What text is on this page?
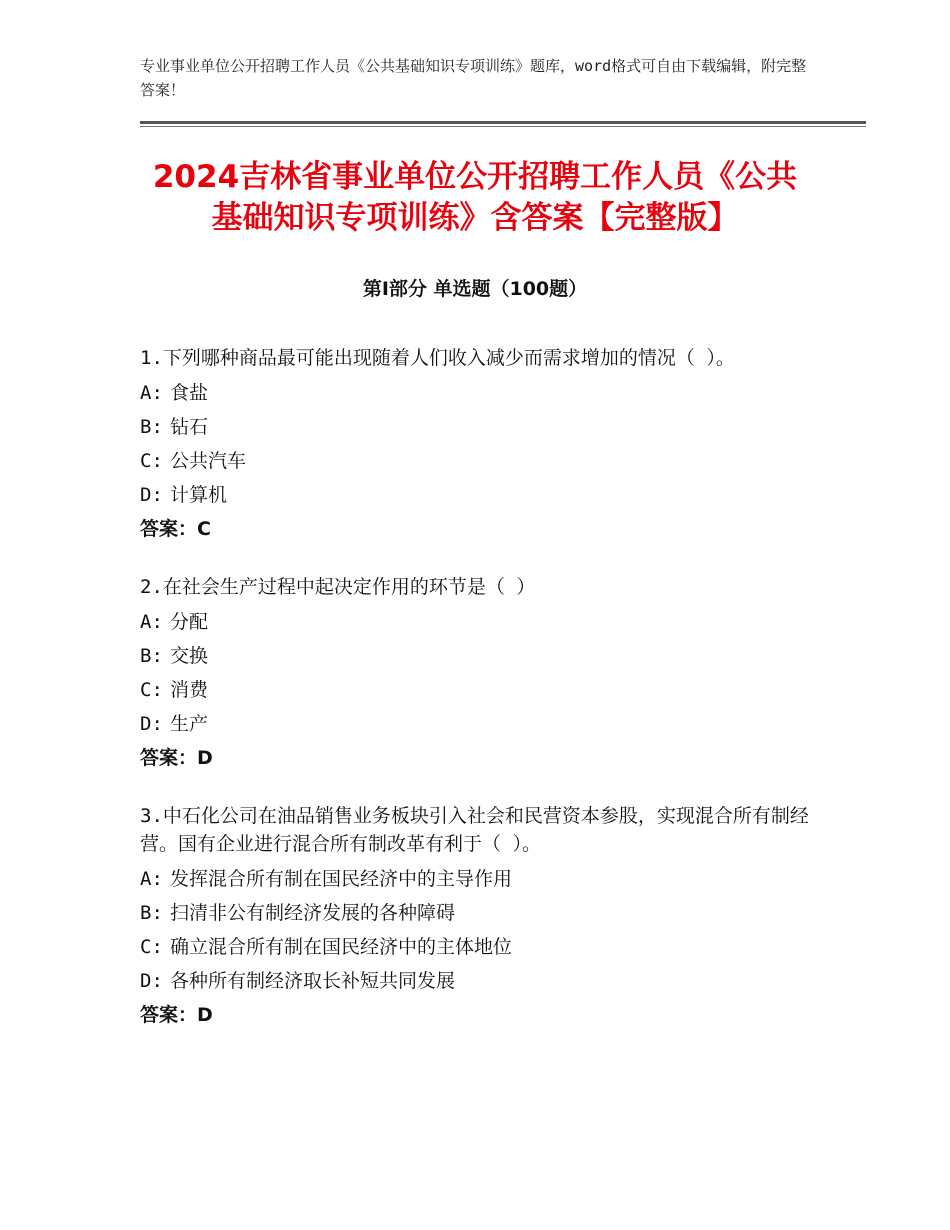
专业事业单位公开招聘工作人员《公共基础知识专项训练》题库，word格式可自由下载编辑，附完整答案！
2024吉林省事业单位公开招聘工作人员《公共基础知识专项训练》含答案【完整版】
第Ⅰ部分 单选题（100题）

1.下列哪种商品最可能出现随着人们收入减少而需求增加的情况（ ）。

A: 食盐

B: 钻石

C: 公共汽车

D: 计算机

答案：C

2.在社会生产过程中起决定作用的环节是（ ）

A: 分配

B: 交换

C: 消费

D: 生产

答案：D

3.中石化公司在油品销售业务板块引入社会和民营资本参股，实现混合所有制经营。国有企业进行混合所有制改革有利于（ ）。

A: 发挥混合所有制在国民经济中的主导作用

B: 扫清非公有制经济发展的各种障碍

C: 确立混合所有制在国民经济中的主体地位

D: 各种所有制经济取长补短共同发展

答案：D
